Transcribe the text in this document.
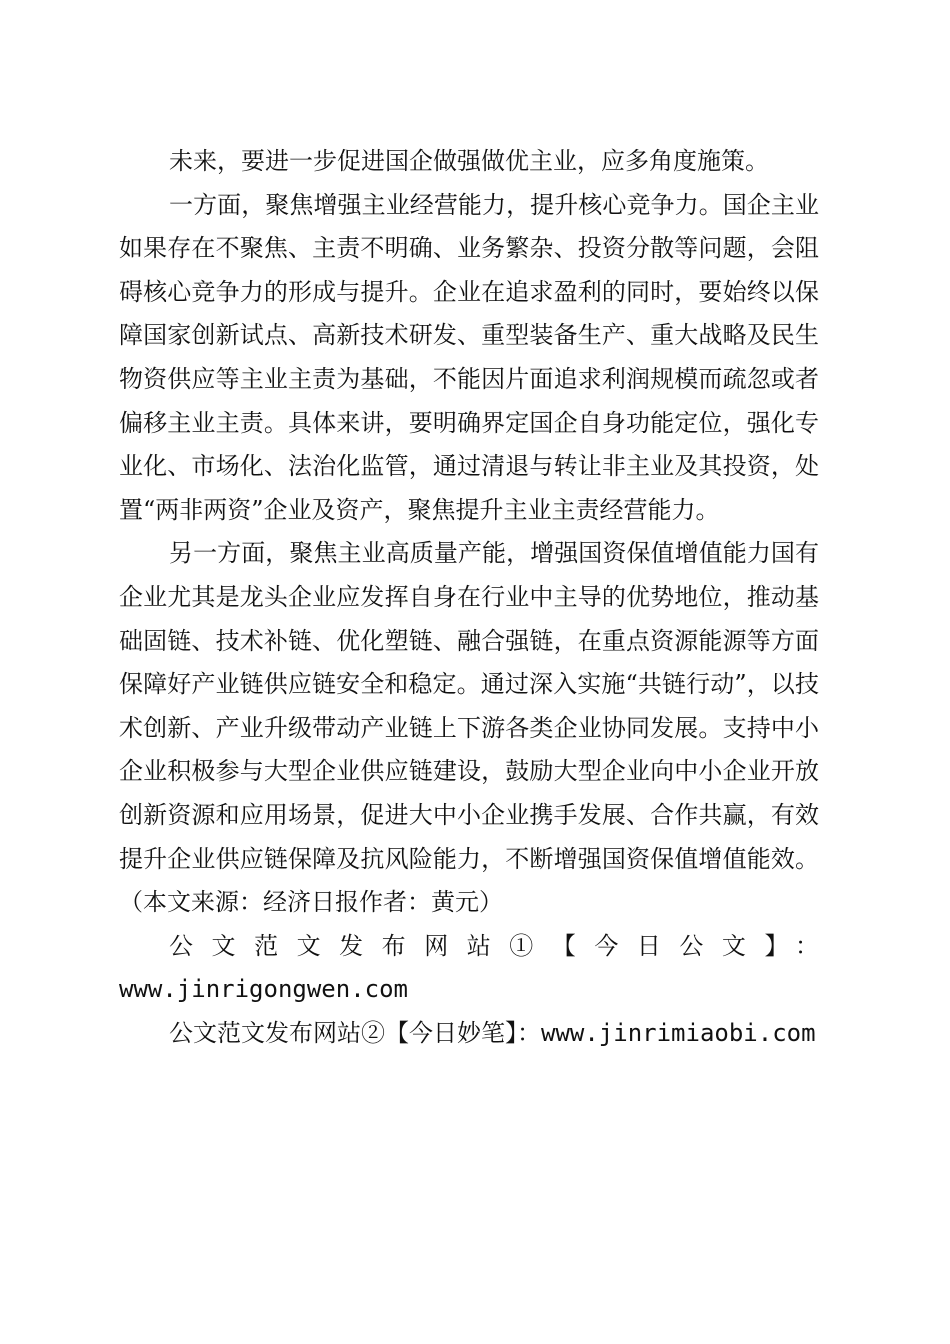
未来，要进一步促进国企做强做优主业，应多角度施策。

一方面，聚焦增强主业经营能力，提升核心竞争力。国企主业如果存在不聚焦、主责不明确、业务繁杂、投资分散等问题，会阻碍核心竞争力的形成与提升。企业在追求盈利的同时，要始终以保障国家创新试点、高新技术研发、重型装备生产、重大战略及民生物资供应等主业主责为基础，不能因片面追求利润规模而疏忽或者偏移主业主责。具体来讲，要明确界定国企自身功能定位，强化专业化、市场化、法治化监管，通过清退与转让非主业及其投资，处置“两非两资”企业及资产，聚焦提升主业主责经营能力。

另一方面，聚焦主业高质量产能，增强国资保值增值能力国有企业尤其是龙头企业应发挥自身在行业中主导的优势地位，推动基础固链、技术补链、优化塑链、融合强链，在重点资源能源等方面保障好产业链供应链安全和稳定。通过深入实施“共链行动”，以技术创新、产业升级带动产业链上下游各类企业协同发展。支持中小企业积极参与大型企业供应链建设，鼓励大型企业向中小企业开放创新资源和应用场景，促进大中小企业携手发展、合作共赢，有效提升企业供应链保障及抗风险能力，不断增强国资保值增值能效。（本文来源：经济日报作者：黄元）

公文范文发布网站①【今日公文】：

www.jinrigongwen.com

公文范文发布网站②【今日妙笔】：www.jinrimiaobi.com
